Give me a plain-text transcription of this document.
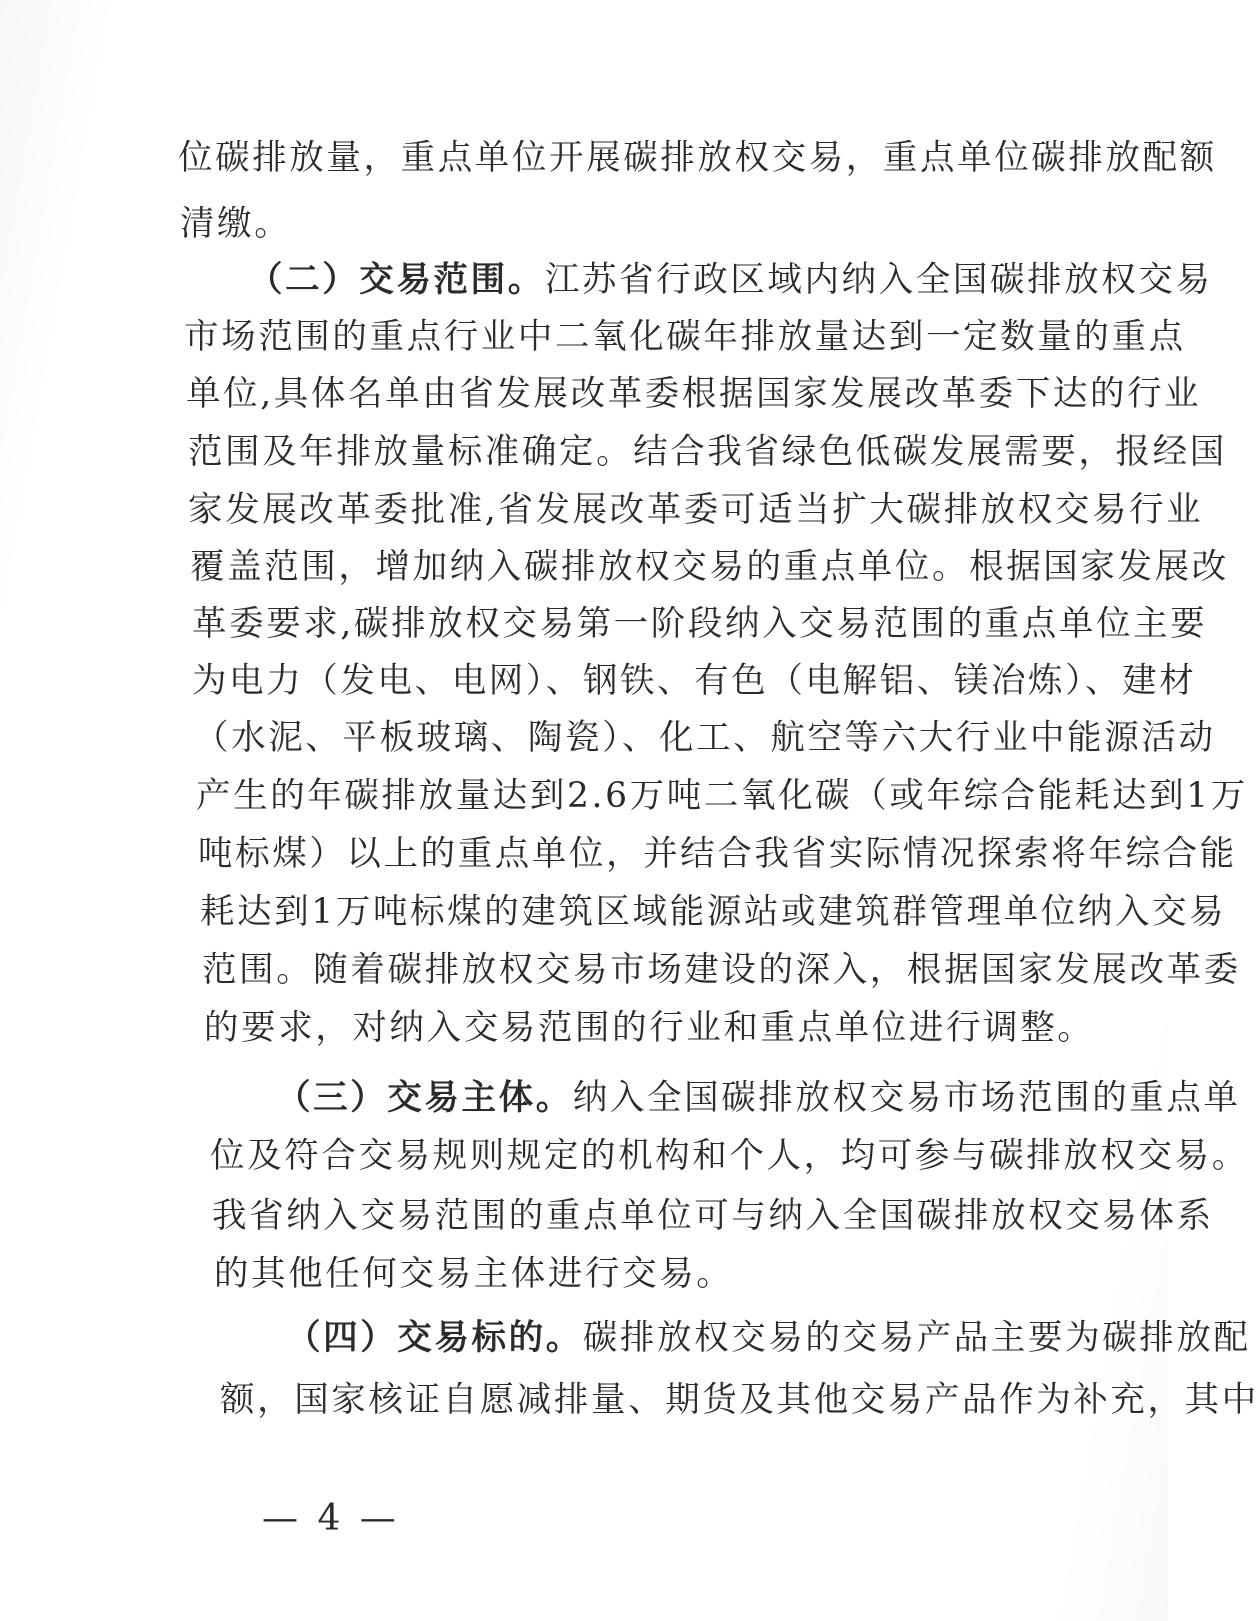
位碳排放量，重点单位开展碳排放权交易，重点单位碳排放配额
清缴。
（二）交易范围。江苏省行政区域内纳入全国碳排放权交易
市场范围的重点行业中二氧化碳年排放量达到一定数量的重点
单位,具体名单由省发展改革委根据国家发展改革委下达的行业
范围及年排放量标准确定。结合我省绿色低碳发展需要，报经国
家发展改革委批准,省发展改革委可适当扩大碳排放权交易行业
覆盖范围，增加纳入碳排放权交易的重点单位。根据国家发展改
革委要求,碳排放权交易第一阶段纳入交易范围的重点单位主要
为电力（发电、电网）、钢铁、有色（电解铝、镁冶炼）、建材
（水泥、平板玻璃、陶瓷）、化工、航空等六大行业中能源活动
产生的年碳排放量达到2.6万吨二氧化碳（或年综合能耗达到1万
吨标煤）以上的重点单位，并结合我省实际情况探索将年综合能
耗达到1万吨标煤的建筑区域能源站或建筑群管理单位纳入交易
范围。随着碳排放权交易市场建设的深入，根据国家发展改革委
的要求，对纳入交易范围的行业和重点单位进行调整。
（三）交易主体。纳入全国碳排放权交易市场范围的重点单
位及符合交易规则规定的机构和个人，均可参与碳排放权交易。
我省纳入交易范围的重点单位可与纳入全国碳排放权交易体系
的其他任何交易主体进行交易。
（四）交易标的。碳排放权交易的交易产品主要为碳排放配
额，国家核证自愿减排量、期货及其他交易产品作为补充，其中
— 4 —
